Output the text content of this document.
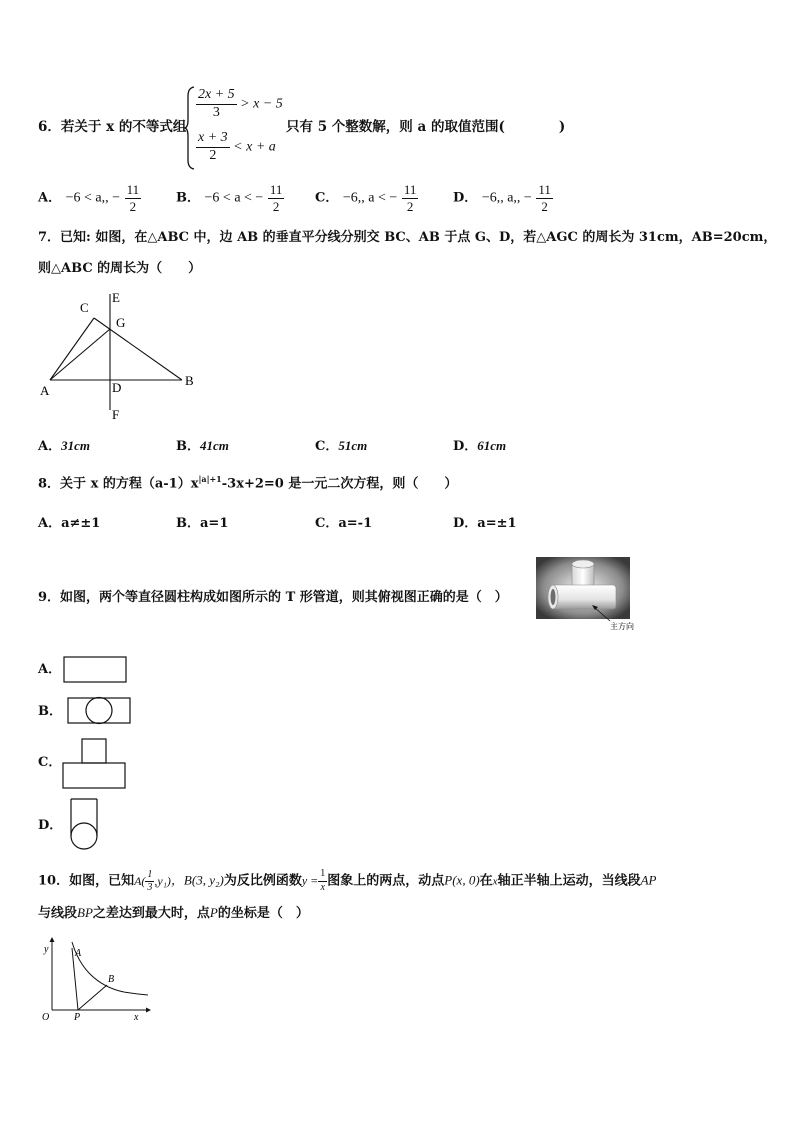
6．若关于 x 的不等式组
$\frac{2x + 5}{3} > x - 5$
$\frac{x + 3}{2} < x + a$
只有 5 个整数解，则 a 的取值范围(　　　　)
A． −6 < a,, − $\frac{11}{2}$	B． −6 < a < − $\frac{11}{2}$ C． −6,, a < − $\frac{11}{2}$	D． −6,, a,, − $\frac{11}{2}$
7．已知: 如图，在△ABC 中，边 AB 的垂直平分线分别交 BC、AB 于点 G、D，若△AGC 的周长为 31cm，AB=20cm，
则△ABC 的周长为（　　）
C
E
G
A	D	B
F
A．31cm	B．41cm	C．51cm	D．61cm
8．关于 x 的方程$(a-1)x^{|a|+1}-3x+2=0$ 是一元二次方程，则（　　）
A．a≠±1	B．a=1	C．a=-1	D．a=±1
9．如图，两个等直径圆柱构成如图所示的 T 形管道，则其俯视图正确的是（　）
主方向
A．
B．
C．
D．
10．如图，已知$A( \frac{1}{3} ,y_1)$，B(3, y₂)为反比例函数$y = \frac{1}{x}$ 图象上的两点，动点P(x, 0)在x轴正半轴上运动，当线段AP
与线段BP之差达到最大时，点P的坐标是（　）
y	A
B
O P	x
